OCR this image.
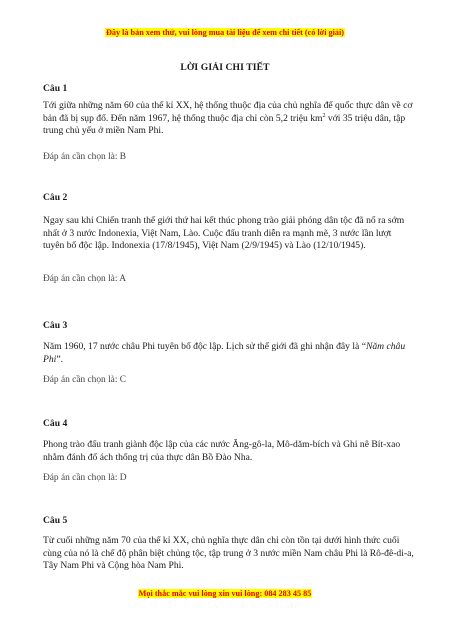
Đây là bản xem thử, vui lòng mua tài liệu để xem chi tiết (có lời giải)
LỜI GIẢI CHI TIẾT
Câu 1
Tới giữa những năm 60 của thế kỉ XX, hệ thống thuộc địa của chủ nghĩa đế quốc thực dân về cơ bản đã bị sụp đổ. Đến năm 1967, hệ thống thuộc địa chỉ còn 5,2 triệu $km^2$ với 35 triệu dân, tập trung chủ yếu ở miền Nam Phi.
Đáp án cần chọn là: B
Câu 2
Ngay sau khi Chiến tranh thế giới thứ hai kết thúc phong trào giải phóng dân tộc đã nổ ra sớm nhất ở 3 nước Indonexia, Việt Nam, Lào. Cuộc đấu tranh diễn ra mạnh mẽ, 3 nước lần lượt tuyên bố độc lập. Indonexia (17/8/1945), Việt Nam (2/9/1945) và Lào (12/10/1945).
Đáp án cần chọn là: A
Câu 3
Năm 1960, 17 nước châu Phi tuyên bố độc lập. Lịch sử thế giới đã ghi nhận đây là “Năm châu Phi”.
Đáp án cần chọn là: C
Câu 4
Phong trào đấu tranh giành độc lập của các nước Ăng-gô-la, Mô-dăm-bích và Ghi nê Bít-xao nhằm đánh đổ ách thống trị của thực dân Bồ Đào Nha.
Đáp án cần chọn là: D
Câu 5
Từ cuối những năm 70 của thế kỉ XX, chủ nghĩa thực dân chỉ còn tồn tại dưới hình thức cuối cùng của nó là chế độ phân biệt chủng tộc, tập trung ở 3 nước miền Nam châu Phi là Rô-đê-di-a, Tây Nam Phi và Cộng hòa Nam Phi.
Mọi thắc mắc vui lòng xin vui lòng: 084 283 45 85
